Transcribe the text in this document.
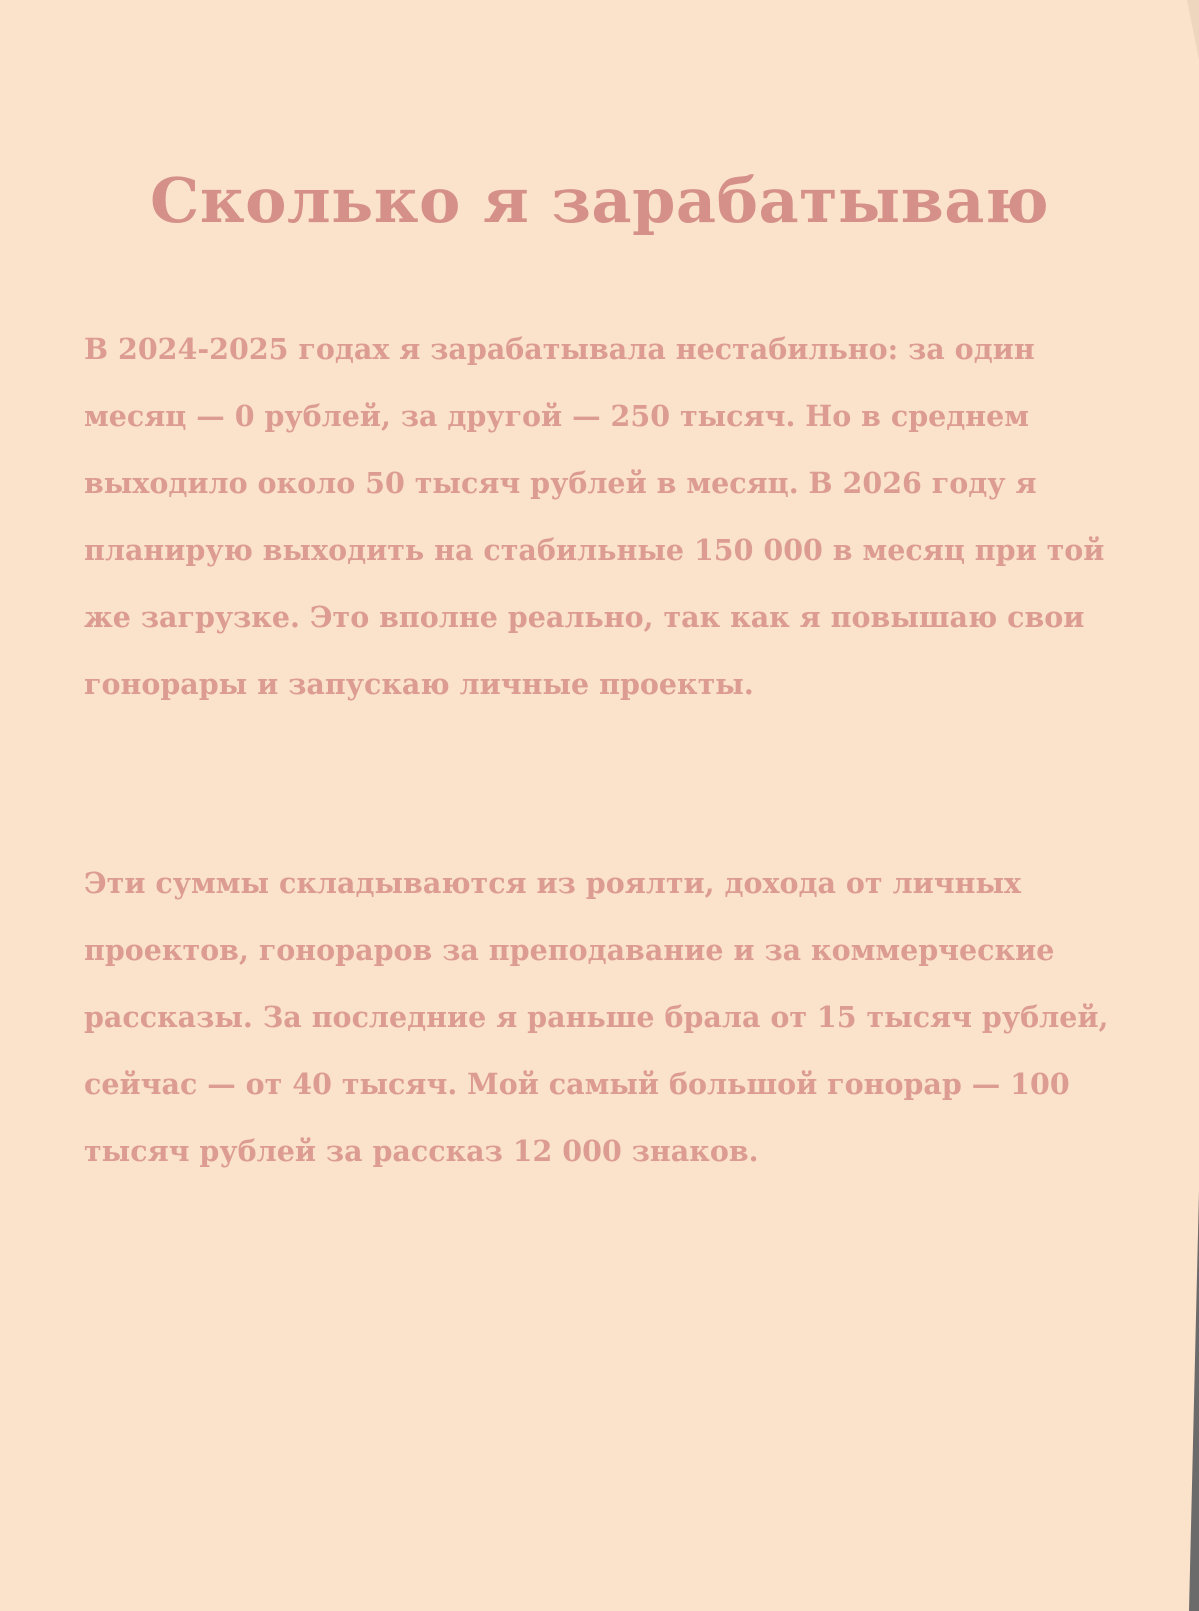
Сколько я зарабатываю

В 2024-2025 годах я зарабатывала нестабильно: за один месяц — 0 рублей, за другой — 250 тысяч. Но в среднем выходило около 50 тысяч рублей в месяц. В 2026 году я планирую выходить на стабильные 150 000 в месяц при той же загрузке. Это вполне реально, так как я повышаю свои гонорары и запускаю личные проекты.

Эти суммы складываются из роялти, дохода от личных проектов, гонораров за преподавание и за коммерческие рассказы. За последние я раньше брала от 15 тысяч рублей, сейчас — от 40 тысяч. Мой самый большой гонорар — 100 тысяч рублей за рассказ 12 000 знаков.
